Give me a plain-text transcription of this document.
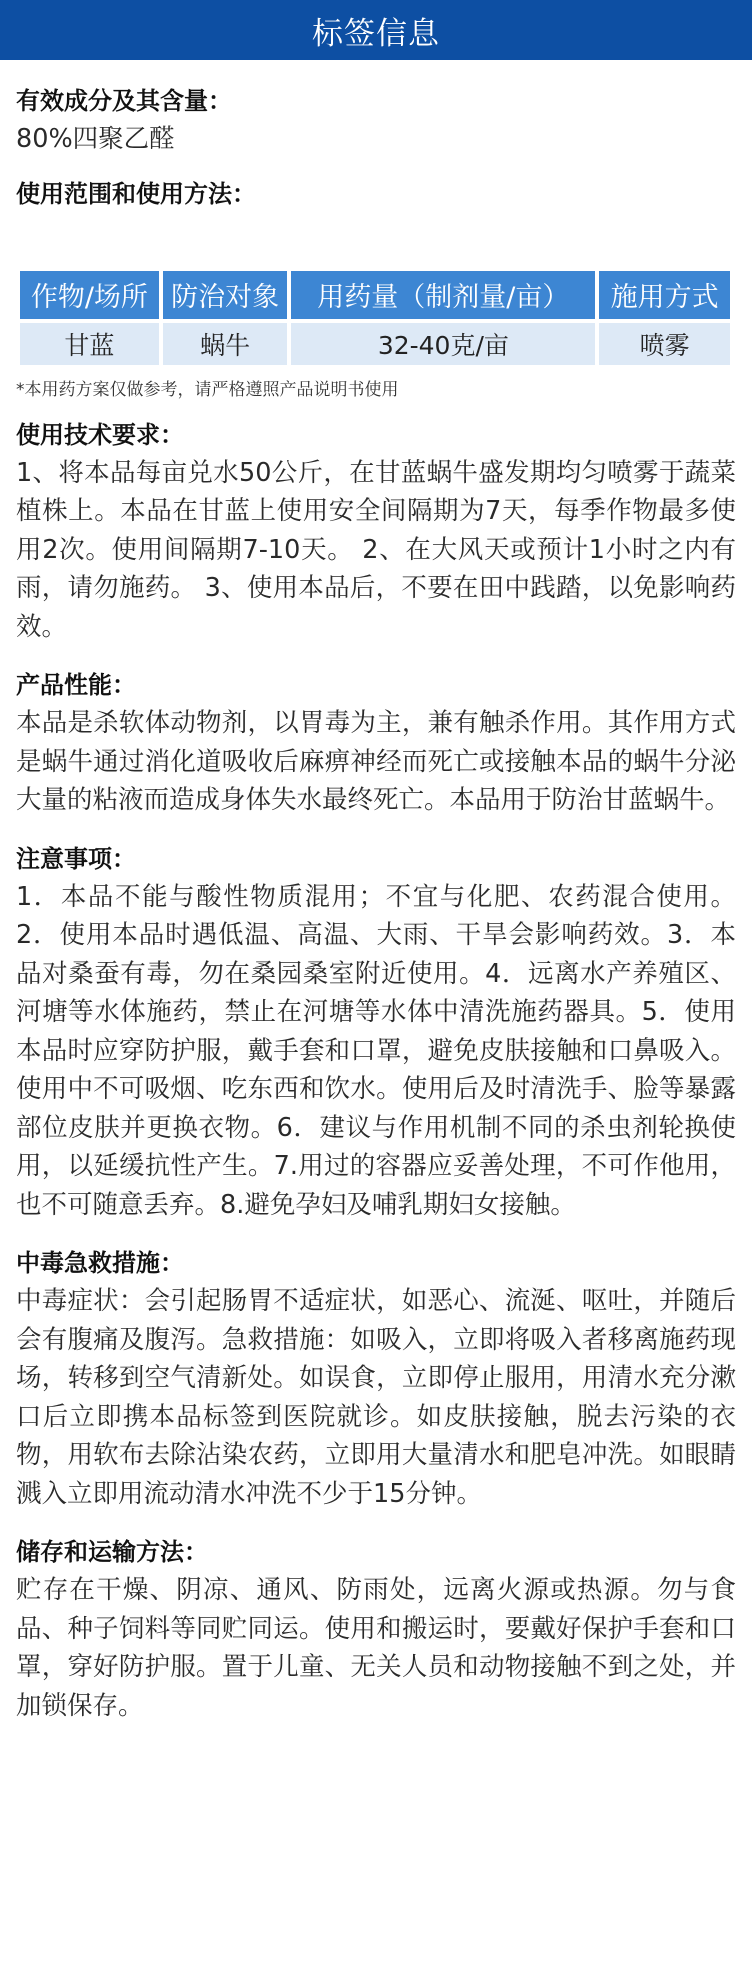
标签信息
有效成分及其含量：
80%四聚乙醛
使用范围和使用方法：
作物/场所	防治对象	用药量（制剂量/亩）	施用方式
甘蓝	蜗牛	32-40克/亩	喷雾
*本用药方案仅做参考，请严格遵照产品说明书使用
使用技术要求：
1、将本品每亩兑水50公斤，在甘蓝蜗牛盛发期均匀喷雾于蔬菜植株上。本品在甘蓝上使用安全间隔期为7天，每季作物最多使用2次。使用间隔期7-10天。 2、在大风天或预计1小时之内有雨，请勿施药。 3、使用本品后，不要在田中践踏，以免影响药效。
产品性能：
本品是杀软体动物剂，以胃毒为主，兼有触杀作用。其作用方式是蜗牛通过消化道吸收后麻痹神经而死亡或接触本品的蜗牛分泌大量的粘液而造成身体失水最终死亡。本品用于防治甘蓝蜗牛。
注意事项：
1．本品不能与酸性物质混用；不宜与化肥、农药混合使用。2．使用本品时遇低温、高温、大雨、干旱会影响药效。3．本品对桑蚕有毒，勿在桑园桑室附近使用。4．远离水产养殖区、河塘等水体施药，禁止在河塘等水体中清洗施药器具。5．使用本品时应穿防护服，戴手套和口罩，避免皮肤接触和口鼻吸入。使用中不可吸烟、吃东西和饮水。使用后及时清洗手、脸等暴露部位皮肤并更换衣物。6．建议与作用机制不同的杀虫剂轮换使用，以延缓抗性产生。7.用过的容器应妥善处理，不可作他用，也不可随意丢弃。8.避免孕妇及哺乳期妇女接触。
中毒急救措施：
中毒症状：会引起肠胃不适症状，如恶心、流涎、呕吐，并随后会有腹痛及腹泻。急救措施：如吸入，立即将吸入者移离施药现场，转移到空气清新处。如误食，立即停止服用，用清水充分漱口后立即携本品标签到医院就诊。如皮肤接触，脱去污染的衣物，用软布去除沾染农药，立即用大量清水和肥皂冲洗。如眼睛溅入立即用流动清水冲洗不少于15分钟。
储存和运输方法：
贮存在干燥、阴凉、通风、防雨处，远离火源或热源。勿与食品、种子饲料等同贮同运。使用和搬运时，要戴好保护手套和口罩，穿好防护服。置于儿童、无关人员和动物接触不到之处，并加锁保存。
